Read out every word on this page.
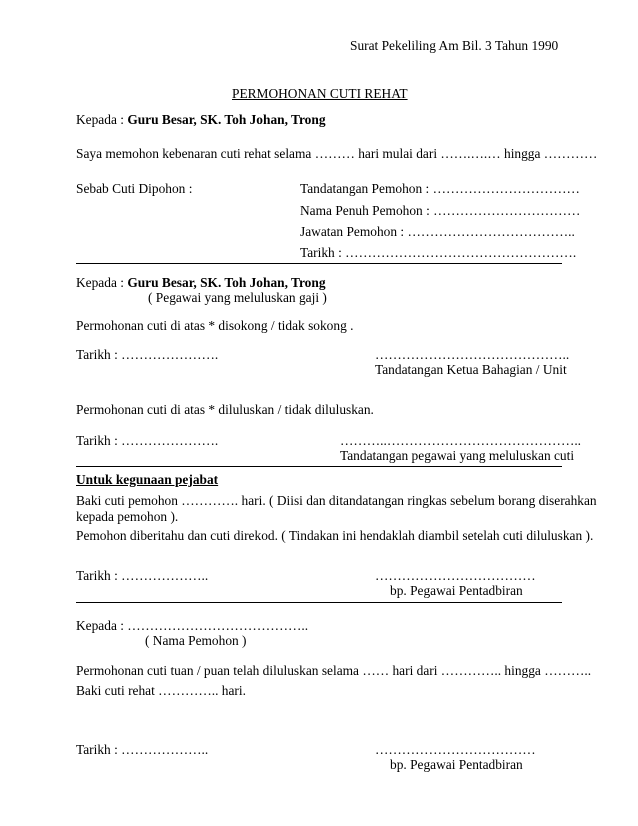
Surat Pekeliling Am Bil. 3 Tahun 1990
PERMOHONAN CUTI REHAT
Kepada : Guru Besar, SK. Toh Johan, Trong
Saya memohon kebenaran cuti rehat selama ……… hari mulai dari …….….… hingga …………
Sebab Cuti Dipohon :	Tandatangan Pemohon : ……………………………
Nama Penuh Pemohon : ……………………………
Jawatan Pemohon : ………………………………..
Tarikh : …………………………………………….
Kepada : Guru Besar, SK. Toh Johan, Trong
( Pegawai yang meluluskan gaji )
Permohonan cuti di atas * disokong / tidak sokong .
Tarikh : ………………….	……………………………………..
Tandatangan Ketua Bahagian / Unit
Permohonan cuti di atas * diluluskan / tidak diluluskan.
Tarikh : ………………….	………..……………………………………..
Tandatangan pegawai yang meluluskan cuti
Untuk kegunaan pejabat
Baki cuti pemohon …………. hari. ( Diisi dan ditandatangan ringkas sebelum borang diserahkan
kepada pemohon ).
Pemohon diberitahu dan cuti direkod. ( Tindakan ini hendaklah diambil setelah cuti diluluskan ).
Tarikh : ………………..	………………………………
bp. Pegawai Pentadbiran
Kepada : …………………………………..
( Nama Pemohon )
Permohonan cuti tuan / puan telah diluluskan selama …… hari dari ………….. hingga ………..
Baki cuti rehat ………….. hari.
Tarikh : ………………..	………………………………
bp. Pegawai Pentadbiran
